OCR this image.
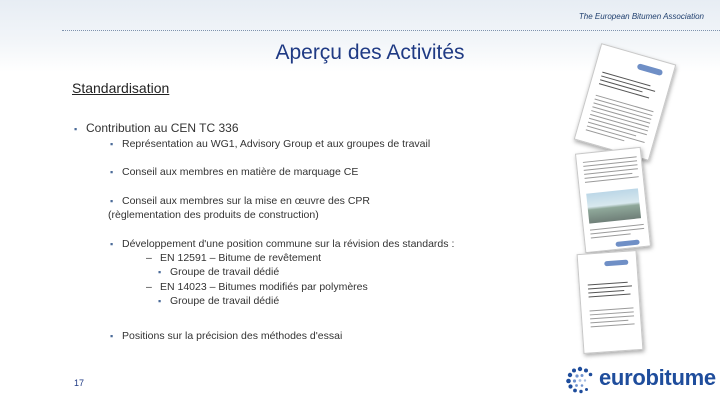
The European Bitumen Association
Aperçu des Activités
Standardisation
▪ Contribution au CEN TC 336
▪ Représentation au WG1, Advisory Group et aux groupes de travail
▪ Conseil aux membres en matière de marquage CE
▪ Conseil aux membres sur la mise en œuvre des CPR
(règlementation des produits de construction)
▪ Développement d'une position commune sur la révision des standards :
– EN 12591 – Bitume de revêtement
▪ Groupe de travail dédié
– EN 14023 – Bitumes modifiés par polymères
▪ Groupe de travail dédié
▪ Positions sur la précision des méthodes d'essai
17	eurobitume
